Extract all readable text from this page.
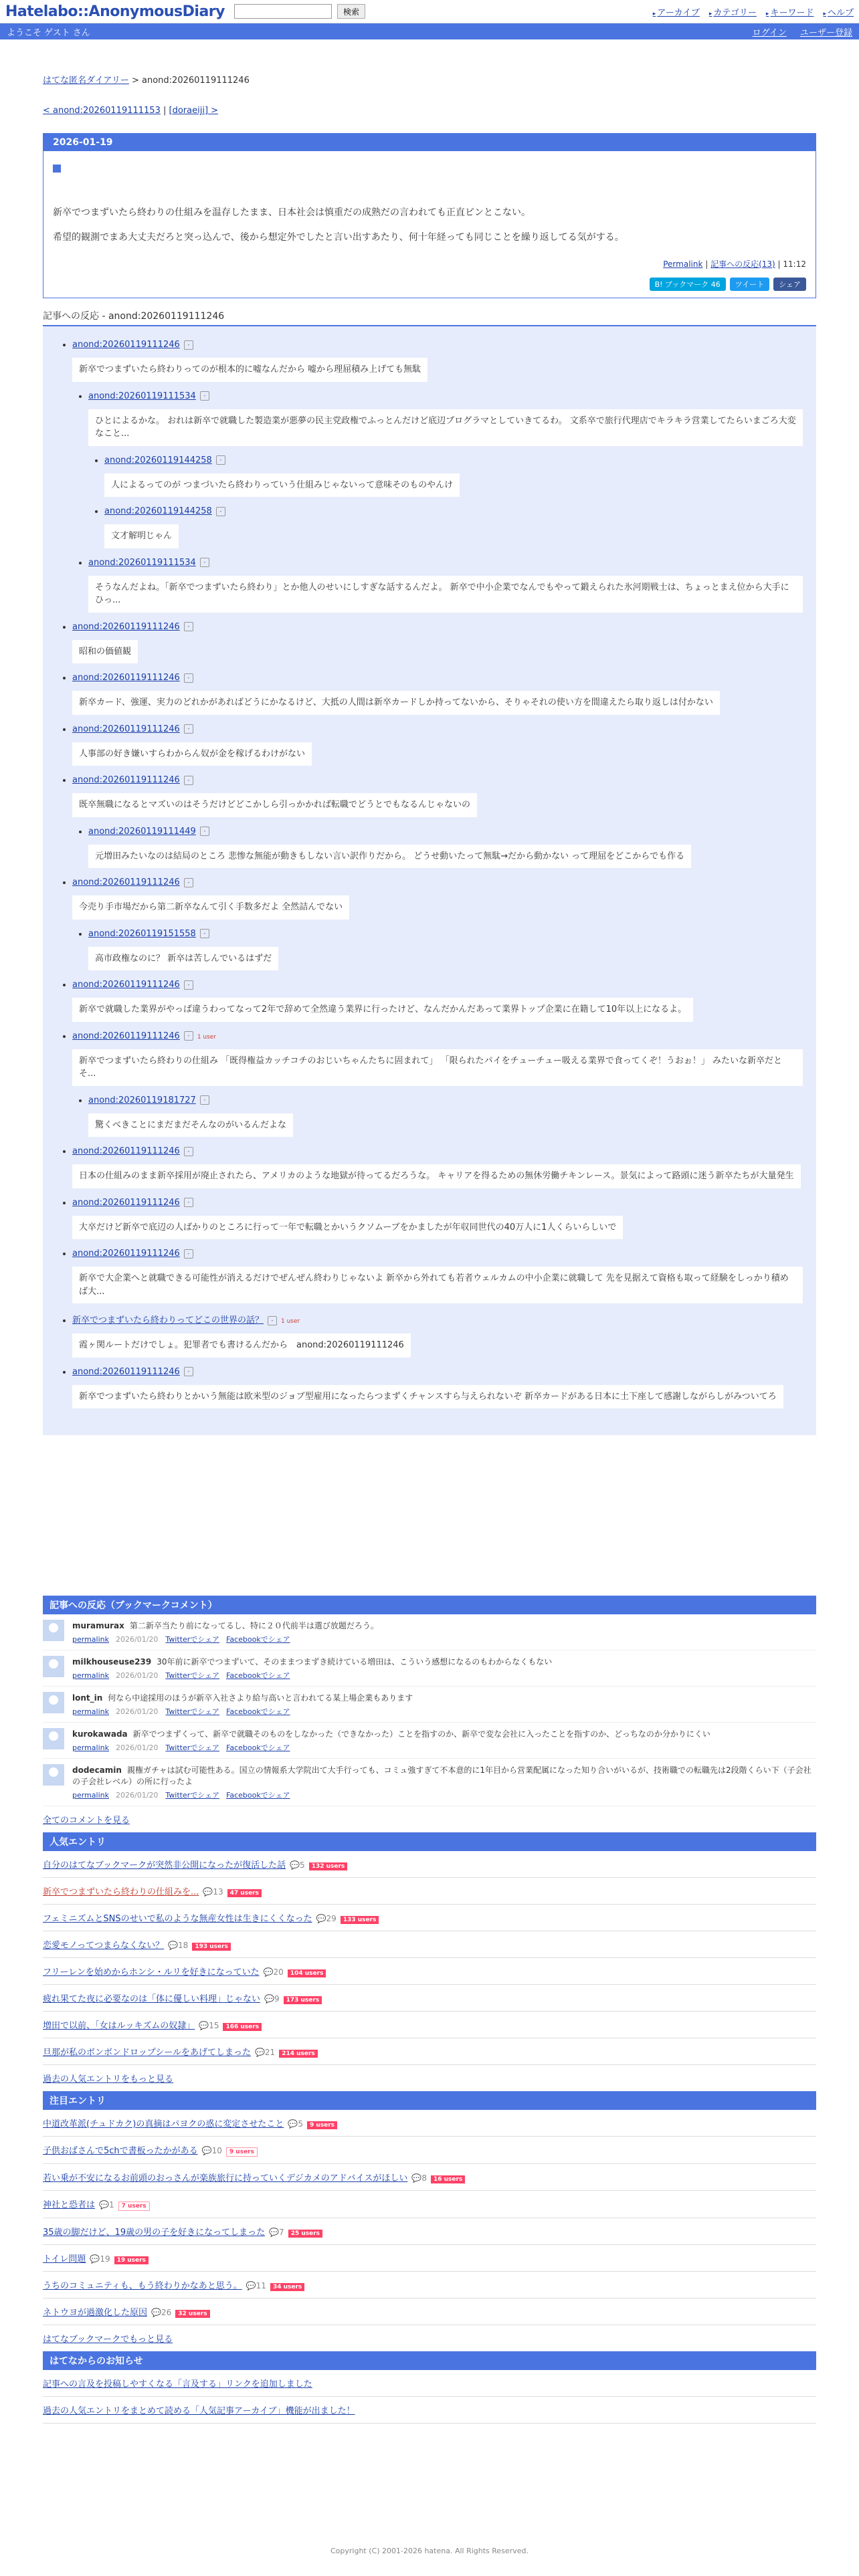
Hatelabo::AnonymousDiary	検索	▸ アーカイブ	▸ カテゴリー	▸ キーワード	▸ ヘルプ
ようこそ ゲスト さん	ログイン ユーザー登録
はてな匿名ダイアリー > anond:20260119111246
< anond:20260119111153 | [doraeiji] >
2026-01-19

新卒でつまずいたら終わりの仕組みを温存したまま、日本社会は慎重だの成熟だの言われても正直ピンとこない。

希望的観測でまあ大丈夫だろと突っ込んで、後から想定外でしたと言い出すあたり、何十年経っても同じことを繰り返してる気がする。

Permalink | 記事への反応(13) | 11:12
B! ブックマーク 46	ツイート	シェア
記事への反応 - anond:20260119111246
• anond:20260119111246 -
新卒でつまずいたら終わりってのが根本的に嘘なんだから 嘘から理屈積み上げても無駄
• anond:20260119111534 -
ひとによるかな。 おれは新卒で就職した製造業が悪夢の民主党政権でふっとんだけど底辺プログラマとしていきてるわ。 文系卒で旅行代理店でキラキラ営業してたらいまごろ大変なこと...
• anond:20260119144258 -
人によるってのが つまづいたら終わりっていう仕組みじゃないって意味そのものやんけ
• anond:20260119144258 -
文才解明じゃん
• anond:20260119111534 -
そうなんだよね。「新卒でつまずいたら終わり」とか他人のせいにしすぎな話するんだよ。 新卒で中小企業でなんでもやって鍛えられた氷河期戦士は、ちょっとまえ位から大手にひっ...
• anond:20260119111246 -
昭和の価値観
• anond:20260119111246 -
新卒カード、強運、実力のどれかがあればどうにかなるけど、大抵の人間は新卒カードしか持ってないから、そりゃそれの使い方を間違えたら取り返しは付かない
• anond:20260119111246 -
人事部の好き嫌いすらわからん奴が金を稼げるわけがない
• anond:20260119111246 -
既卒無職になるとマズいのはそうだけどどこかしら引っかかれば転職でどうとでもなるんじゃないの
• anond:20260119111449 -
元増田みたいなのは結局のところ 悲惨な無能が動きもしない言い訳作りだから。 どうせ動いたって無駄→だから動かない って理屈をどこからでも作る
• anond:20260119111246 -
今売り手市場だから第二新卒なんて引く手数多だよ 全然詰んでない
• anond:20260119151558 -
高市政権なのに？ 新卒は苦しんでいるはずだ
• anond:20260119111246 -
新卒で就職した業界がやっぱ違うわってなって2年で辞めて全然違う業界に行ったけど、なんだかんだあって業界トップ企業に在籍して10年以上になるよ。
• anond:20260119111246 - 1 user
新卒でつまずいたら終わりの仕組み 「既得権益カッチコチのおじいちゃんたちに固まれて」 「限られたパイをチューチュー吸える業界で食ってくぞ！うおぉ！」 みたいな新卒だとそ...
• anond:20260119181727 -
驚くべきことにまだまだそんなのがいるんだよな
• anond:20260119111246 -
日本の仕組みのまま新卒採用が廃止されたら、アメリカのような地獄が待ってるだろうな。 キャリアを得るための無休労働チキンレース。景気によって路頭に迷う新卒たちが大量発生
• anond:20260119111246 -
大卒だけど新卒で底辺の人ばかりのところに行って一年で転職とかいうクソムーブをかましたが年収同世代の40万人に1人くらいらしいで
• anond:20260119111246 -
新卒で大企業へと就職できる可能性が消えるだけでぜんぜん終わりじゃないよ 新卒から外れても若者ウェルカムの中小企業に就職して 先を見据えて資格も取って経験をしっかり積めば大...
• 新卒でつまずいたら終わりってどこの世界の話？ - 1 user
霞ヶ関ルートだけでしょ。犯罪者でも書けるんだから　anond:20260119111246
• anond:20260119111246 -
新卒でつまずいたら終わりとかいう無能は欧米型のジョブ型雇用になったらつまずくチャンスすら与えられないぞ 新卒カードがある日本に土下座して感謝しながらしがみついてろ
記事への反応（ブックマークコメント）
muramurax 第二新卒当たり前になってるし、特に２０代前半は選び放題だろう。
permalink 2026/01/20　 Twitterでシェア Facebookでシェア
milkhouseuse239 30年前に新卒でつまずいて、そのままつまずき続けている増田は、こういう感想になるのもわからなくもない
permalink 2026/01/20　 Twitterでシェア Facebookでシェア
lont_in 何なら中途採用のほうが新卒入社さより給与高いと言われてる某上場企業もあります
permalink 2026/01/20　 Twitterでシェア Facebookでシェア
kurokawada 新卒でつまずくって、新卒で就職そのものをしなかった（できなかった）ことを指すのか、新卒で変な会社に入ったことを指すのか、どっちなのか分かりにくい
permalink 2026/01/20　 Twitterでシェア Facebookでシェア
dodecamin 親権ガチャは試む可能性ある。国立の情報系大学院出て大手行っても、コミュ強すぎて不本意的に1年目から営業配属になった知り合いがいるが、技術職での転職先は2段階くらい下（子会社の子会社レベル）の所に行ったよ
permalink 2026/01/20　 Twitterでシェア Facebookでシェア
全てのコメントを見る
人気エントリ
自分のはてなブックマークが突然非公開になったが復活した話 💬5 132 users
新卒でつまずいたら終わりの仕組みを... 💬13 47 users
フェミニズムとSNSのせいで私のような無産女性は生きにくくなった 💬29 133 users
恋愛モノってつまらなくない？ 💬18 193 users
フリーレンを始めからホンシ・ルリを好きになっていた 💬20 104 users
疲れ果てた夜に必要なのは「体に優しい料理」じゃない 💬9 173 users
増田で以前、「女はルッキズムの奴隷」 💬15 166 users
旦那が私のボンボンドロップシールをあげてしまった 💬21 214 users
過去の人気エントリをもっと見る
注目エントリ
中道改革派(チュドカク)の真摘はパヨクの惑に変定させたこと 💬5 9 users
子供おばさんで5chで書板ったかがある 💬10 9 users
若い乗が不安になるお前頭のおっさんが楽族旅行に持っていくデジカメのアドバイスがほしい 💬8 16 users
神社と恐者は 💬1 7 users
35歳の脚だけど、19歳の男の子を好きになってしまった 💬7 25 users
トイレ問題 💬19 19 users
うちのコミュニティも、もう終わりかなあと思う。 💬11 34 users
ネトウヨが過激化した原因 💬26 32 users
はてなブックマークでもっと見る
はてなからのお知らせ
記事への言及を投稿しやすくなる「言及する」リンクを追加しました
過去の人気エントリをまとめて読める「人気記事アーカイブ」機能が出ました！
Copyright (C) 2001-2026 hatena. All Rights Reserved.
